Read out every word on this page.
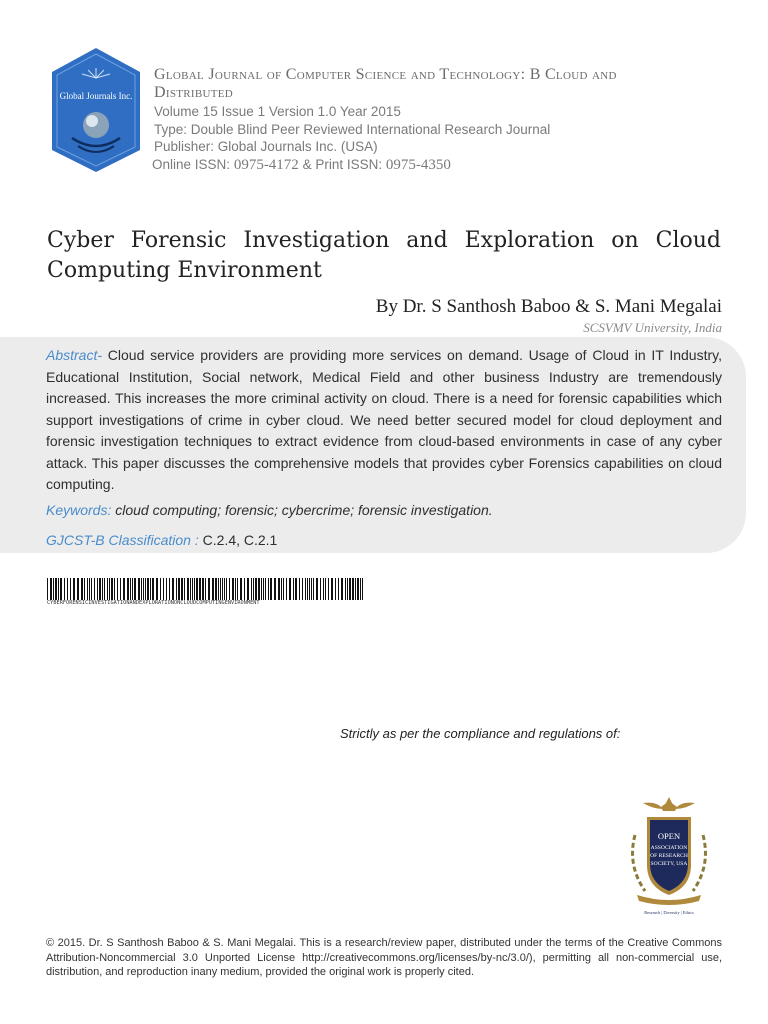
Global Journals Inc.
Global Journal of Computer Science and Technology: B Cloud and Distributed
Volume 15 Issue 1 Version 1.0 Year 2015
Type: Double Blind Peer Reviewed International Research Journal
Publisher: Global Journals Inc. (USA)
Online ISSN: 0975-4172 & Print ISSN: 0975-4350
Cyber Forensic Investigation and Exploration on Cloud Computing Environment
By Dr. S Santhosh Baboo & S. Mani Megalai
SCSVMV University, India
Abstract- Cloud service providers are providing more services on demand. Usage of Cloud in IT Industry, Educational Institution, Social network, Medical Field and other business Industry are tremendously increased. This increases the more criminal activity on cloud. There is a need for forensic capabilities which support investigations of crime in cyber cloud. We need better secured model for cloud deployment and forensic investigation techniques to extract evidence from cloud-based environments in case of any cyber attack. This paper discusses the comprehensive models that provides cyber Forensics capabilities on cloud computing.
Keywords: cloud computing; forensic; cybercrime; forensic investigation.
GJCST-B Classification : C.2.4, C.2.1
CYBERFORENSICINVESTIGATIONANDEXPLORATIONONCLOUDCOMPUTINGENVIRONMENT
Strictly as per the compliance and regulations of:
OPEN
ASSOCIATION
OF RESEARCH
SOCIETY, USA
Research | Diversity | Ethics
© 2015. Dr. S Santhosh Baboo & S. Mani Megalai. This is a research/review paper, distributed under the terms of the Creative Commons Attribution-Noncommercial 3.0 Unported License http://creativecommons.org/licenses/by-nc/3.0/), permitting all non-commercial use, distribution, and reproduction inany medium, provided the original work is properly cited.
